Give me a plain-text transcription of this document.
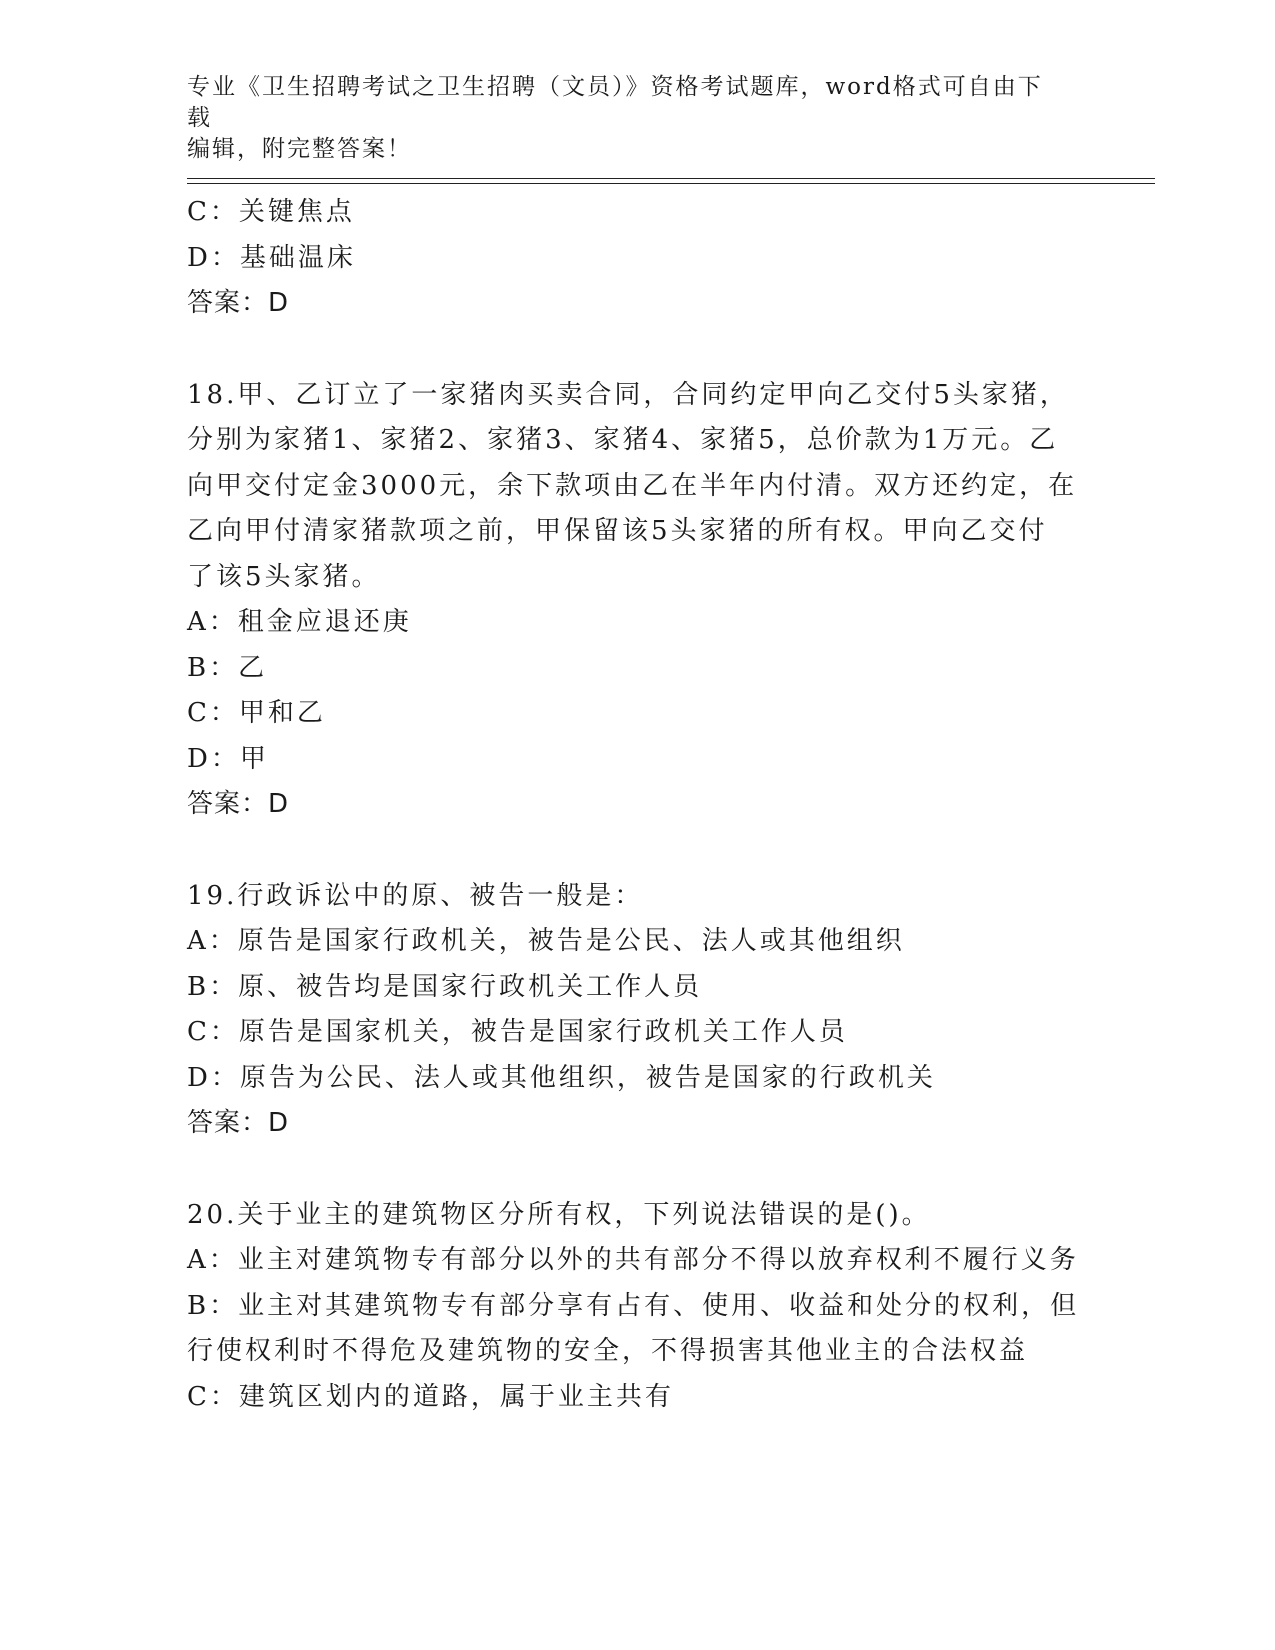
专业《卫生招聘考试之卫生招聘（文员）》资格考试题库，word格式可自由下载
编辑，附完整答案！

C：关键焦点

D：基础温床

答案：D

18.甲、乙订立了一家猪肉买卖合同，合同约定甲向乙交付5头家猪，

分别为家猪1、家猪2、家猪3、家猪4、家猪5，总价款为1万元。乙

向甲交付定金3000元，余下款项由乙在半年内付清。双方还约定，在

乙向甲付清家猪款项之前，甲保留该5头家猪的所有权。甲向乙交付

了该5头家猪。

A：租金应退还庚

B：乙

C：甲和乙

D：甲

答案：D

19.行政诉讼中的原、被告一般是：

A：原告是国家行政机关，被告是公民、法人或其他组织

B：原、被告均是国家行政机关工作人员

C：原告是国家机关，被告是国家行政机关工作人员

D：原告为公民、法人或其他组织，被告是国家的行政机关

答案：D

20.关于业主的建筑物区分所有权，下列说法错误的是()。

A：业主对建筑物专有部分以外的共有部分不得以放弃权利不履行义务

B：业主对其建筑物专有部分享有占有、使用、收益和处分的权利，但

行使权利时不得危及建筑物的安全，不得损害其他业主的合法权益

C：建筑区划内的道路，属于业主共有
